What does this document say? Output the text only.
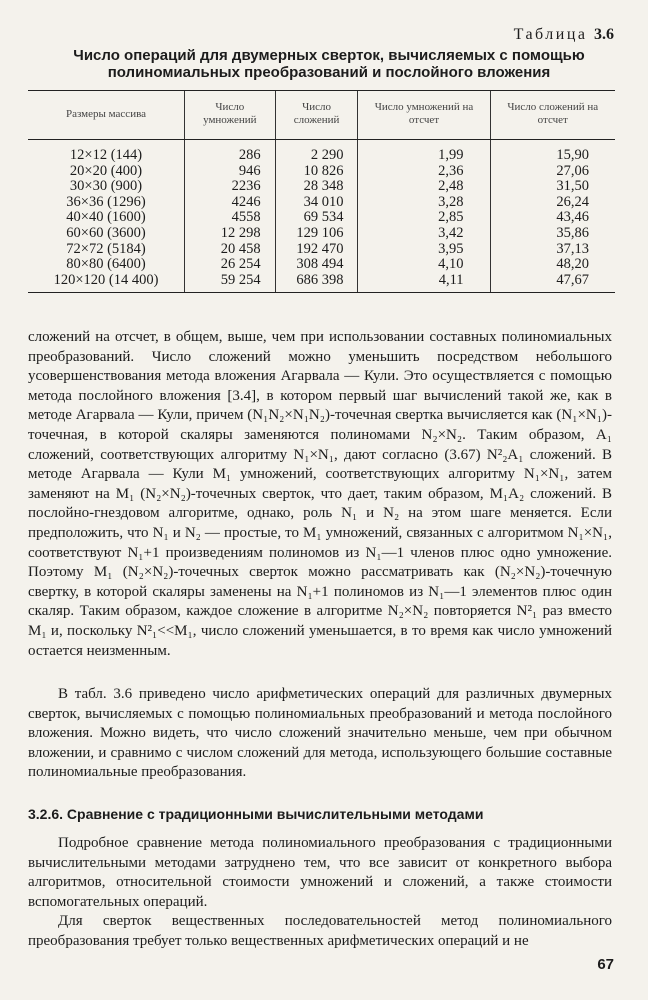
Таблица 3.6
Число операций для двумерных сверток, вычисляемых с помощью полиномиальных преобразований и послойного вложения
Размеры массива	Число умножений	Число сложений	Число умножений на отсчет	Число сложений на отсчет
12×12 (144)	286	2 290	1,99	15,90
20×20 (400)	946	10 826	2,36	27,06
30×30 (900)	2236	28 348	2,48	31,50
36×36 (1296)	4246	34 010	3,28	26,24
40×40 (1600)	4558	69 534	2,85	43,46
60×60 (3600)	12 298	129 106	3,42	35,86
72×72 (5184)	20 458	192 470	3,95	37,13
80×80 (6400)	26 254	308 494	4,10	48,20
120×120 (14 400)	59 254	686 398	4,11	47,67

сложений на отсчет, в общем, выше, чем при использовании составных полиномиальных преобразований. Число сложений можно уменьшить посредством небольшого усовершенствования метода вложения Агарвала — Кули. Это осуществляется с помощью метода послойного вложения [3.4], в котором первый шаг вычислений такой же, как в методе Агарвала — Кули, причем (N₁N₂×N₁N₂)-точечная свертка вычисляется как (N₁×N₁)-точечная, в которой скаляры заменяются полиномами N₂×N₂. Таким образом, A₁ сложений, соответствующих алгоритму N₁×N₁, дают согласно (3.67) N²₂A₁ сложений. В методе Агарвала — Кули M₁ умножений, соответствующих алгоритму N₁×N₁, затем заменяют на M₁ (N₂×N₂)-точечных сверток, что дает, таким образом, M₁A₂ сложений. В послойно-гнездовом алгоритме, однако, роль N₁ и N₂ на этом шаге меняется. Если предположить, что N₁ и N₂ — простые, то M₁ умножений, связанных с алгоритмом N₁×N₁, соответствуют N₁+1 произведениям полиномов из N₁—1 членов плюс одно умножение. Поэтому M₁ (N₂×N₂)-точечных сверток можно рассматривать как (N₂×N₂)-точечную свертку, в которой скаляры заменены на N₁+1 полиномов из N₁—1 элементов плюс один скаляр. Таким образом, каждое сложение в алгоритме N₂×N₂ повторяется N²₁ раз вместо M₁ и, поскольку N²₁<<M₁, число сложений уменьшается, в то время как число умножений остается неизменным.

В табл. 3.6 приведено число арифметических операций для различных двумерных сверток, вычисляемых с помощью полиномиальных преобразований и метода послойного вложения. Можно видеть, что число сложений значительно меньше, чем при обычном вложении, и сравнимо с числом сложений для метода, использующего большие составные полиномиальные преобразования.

3.2.6. Сравнение с традиционными вычислительными методами

Подробное сравнение метода полиномиального преобразования с традиционными вычислительными методами затруднено тем, что все зависит от конкретного выбора алгоритмов, относительной стоимости умножений и сложений, а также стоимости вспомогательных операций.

Для сверток вещественных последовательностей метод полиномиального преобразования требует только вещественных арифметических операций и не

67
